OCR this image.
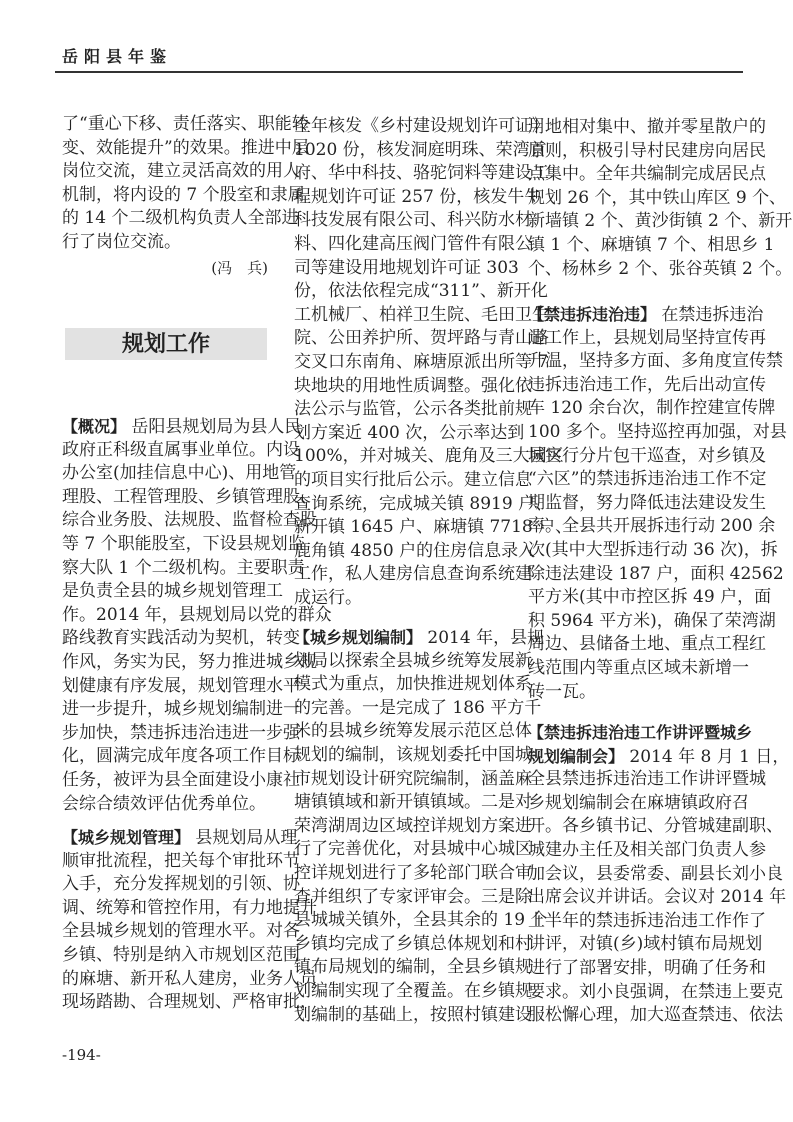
岳阳县年鉴
(冯　兵)
规划工作
-194-
了“重心下移、责任落实、职能转
变、效能提升”的效果。推进中层
岗位交流，建立灵活高效的用人
机制，将内设的 7 个股室和隶属
的 14 个二级机构负责人全部进
行了岗位交流。
【概况】 岳阳县规划局为县人民
政府正科级直属事业单位。内设
办公室(加挂信息中心)、用地管
理股、工程管理股、乡镇管理股、
综合业务股、法规股、监督检查股
等 7 个职能股室，下设县规划监
察大队 1 个二级机构。主要职责
是负责全县的城乡规划管理工
作。2014 年，县规划局以党的群众
路线教育实践活动为契机，转变
作风，务实为民，努力推进城乡规
划健康有序发展，规划管理水平
进一步提升，城乡规划编制进一
步加快，禁违拆违治违进一步强
化，圆满完成年度各项工作目标
任务，被评为县全面建设小康社
会综合绩效评估优秀单位。
【城乡规划管理】 县规划局从理
顺审批流程，把关每个审批环节
入手，充分发挥规划的引领、协
调、统筹和管控作用，有力地提升
全县城乡规划的管理水平。对各
乡镇、特别是纳入市规划区范围
的麻塘、新开私人建房，业务人员
现场踏勘、合理规划、严格审批，
全年核发《乡村建设规划许可证》
1020 份，核发洞庭明珠、荣湾首
府、华中科技、骆驼饲料等建设工
程规划许可证 257 份，核发牛牛
科技发展有限公司、科兴防水材
料、四化建高压阀门管件有限公
司等建设用地规划许可证 303
份，依法依程完成“311”、新开化
工机械厂、柏祥卫生院、毛田卫生
院、公田养护所、贺坪路与青山路
交叉口东南角、麻塘原派出所等 7
块地块的用地性质调整。强化依
法公示与监管，公示各类批前规
划方案近 400 次，公示率达到
100%，并对城关、鹿角及三大园区
的项目实行批后公示。建立信息
查询系统，完成城关镇 8919 户、
新开镇 1645 户、麻塘镇 7718 户、
鹿角镇 4850 户的住房信息录入
工作，私人建房信息查询系统建
成运行。
【城乡规划编制】 2014 年，县规
划局以探索全县城乡统筹发展新
模式为重点，加快推进规划体系
的完善。一是完成了 186 平方千
米的县城乡统筹发展示范区总体
规划的编制，该规划委托中国城
市规划设计研究院编制，涵盖麻
塘镇镇域和新开镇镇域。二是对
荣湾湖周边区域控详规划方案进
行了完善优化，对县城中心城区
控详规划进行了多轮部门联合审
查并组织了专家评审会。三是除
县城城关镇外，全县其余的 19 个
乡镇均完成了乡镇总体规划和村
镇布局规划的编制，全县乡镇规
划编制实现了全覆盖。在乡镇规
划编制的基础上，按照村镇建设
用地相对集中、撤并零星散户的
原则，积极引导村民建房向居民
点集中。全年共编制完成居民点
规划 26 个，其中铁山库区 9 个、
新墙镇 2 个、黄沙街镇 2 个、新开
镇 1 个、麻塘镇 7 个、相思乡 1
个、杨林乡 2 个、张谷英镇 2 个。
【禁违拆违治违】 在禁违拆违治
违工作上，县规划局坚持宣传再
升温，坚持多方面、多角度宣传禁
违拆违治违工作，先后出动宣传
车 120 余台次，制作控建宣传牌
100 多个。坚持巡控再加强，对县
城实行分片包干巡查，对乡镇及
“六区”的禁违拆违治违工作不定
期监督，努力降低违法建设发生
率。全县共开展拆违行动 200 余
次(其中大型拆违行动 36 次)，拆
除违法建设 187 户，面积 42562
平方米(其中市控区拆 49 户，面
积 5964 平方米)，确保了荣湾湖
周边、县储备土地、重点工程红
线范围内等重点区域未新增一
砖一瓦。
【禁违拆违治违工作讲评暨城乡
规划编制会】 2014 年 8 月 1 日，
全县禁违拆违治违工作讲评暨城
乡规划编制会在麻塘镇政府召
开。各乡镇书记、分管城建副职、
城建办主任及相关部门负责人参
加会议，县委常委、副县长刘小良
出席会议并讲话。会议对 2014 年
上半年的禁违拆违治违工作作了
讲评，对镇(乡)域村镇布局规划
进行了部署安排，明确了任务和
要求。刘小良强调，在禁违上要克
服松懈心理，加大巡查禁违、依法
